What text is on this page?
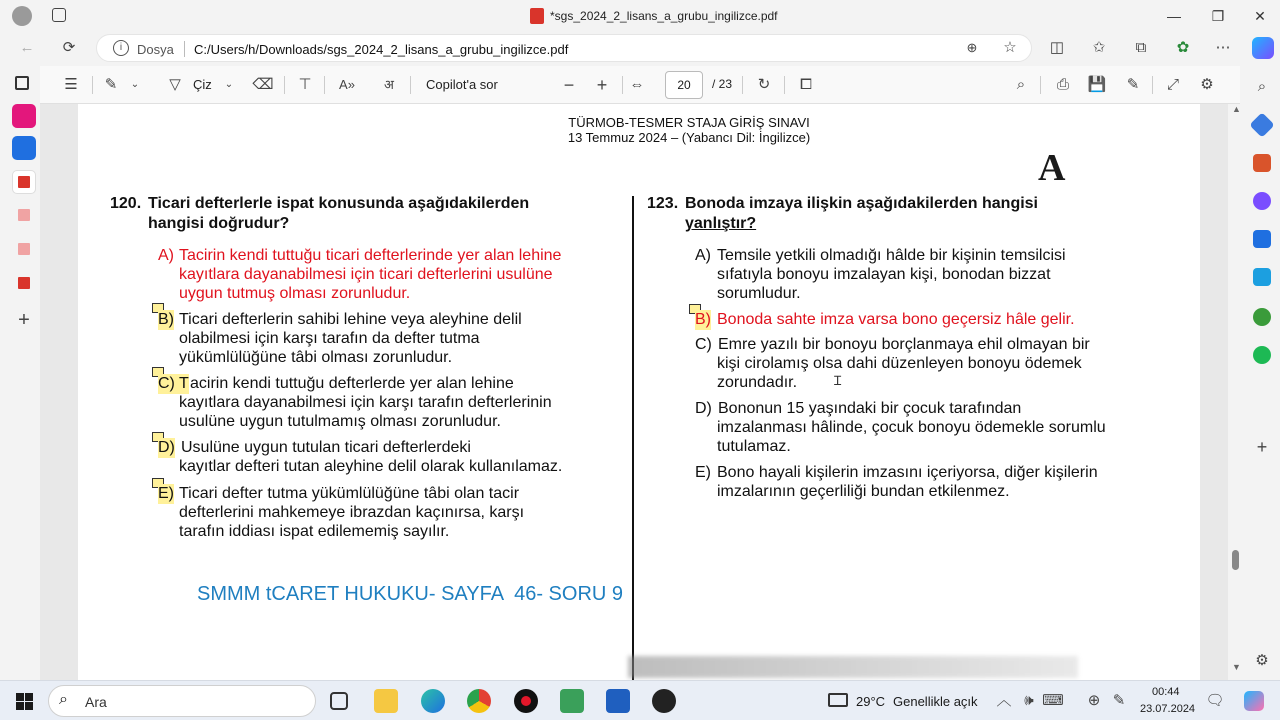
*sgs_2024_2_lisans_a_grubu_ingilizce.pdf	— ❐ ✕
←	⟳	i	Dosya C:/Users/h/Downloads/sgs_2024_2_lisans_a_grubu_ingilizce.pdf	⊕	☆ ◫	✩	⧉	✿	⋯
+
☰	✎	⌄	▽ Çiz	⌄	⌫ ⊤	A»	अ	Copilot'a sor	−	+	⇔	20	/ 23	↻	⧠	⌕	⎙	💾	✎	⤢	⚙	⌕
+
⚙
TÜRMOB-TESMER STAJA GİRİŞ SINAVI
13 Temmuz 2024 – (Yabancı Dil: İngilizce)
A
120. Ticari defterlerle ispat konusunda aşağıdakilerden
hangisi doğrudur?
A) Tacirin kendi tuttuğu ticari defterlerinde yer alan lehine
kayıtlara dayanabilmesi için ticari defterlerini usulüne
uygun tutmuş olması zorunludur.
B) Ticari defterlerin sahibi lehine veya aleyhine delil
olabilmesi için karşı tarafın da defter tutma
yükümlülüğüne tâbi olması zorunludur.
C) T acirin kendi tuttuğu defterlerde yer alan lehine
kayıtlara dayanabilmesi için karşı tarafın defterlerinin
usulüne uygun tutulmamış olması zorunludur.
D) Usulüne uygun tutulan ticari defterlerdeki
kayıtlar defteri tutan aleyhine delil olarak kullanılamaz.
E) Ticari defter tutma yükümlülüğüne tâbi olan tacir
defterlerini mahkemeye ibrazdan kaçınırsa, karşı
tarafın iddiası ispat edilememiş sayılır.
SMMM tCARET HUKUKU- SAYFA  46- SORU 9
123. Bonoda imzaya ilişkin aşağıdakilerden hangisi
yanlıştır?
A) Temsile yetkili olmadığı hâlde bir kişinin temsilcisi
sıfatıyla bonoyu imzalayan kişi, bonodan bizzat
sorumludur.
B) Bonoda sahte imza varsa bono geçersiz hâle gelir.
C) Emre yazılı bir bonoyu borçlanmaya ehil olmayan bir
kişi cirolamış olsa dahi düzenleyen bonoyu ödemek
zorundadır.	Ɪ
D) Bononun 15 yaşındaki bir çocuk tarafından
imzalanması hâlinde, çocuk bonoyu ödemekle sorumlu
tutulamaz.
E) Bono hayali kişilerin imzasını içeriyorsa, diğer kişilerin
imzalarının geçerliliği bundan etkilenmez.
▲
▼
⌕ Ara	29°C Genellikle açık ︿ 🕪 ⌨	⊕ ✎	00:44
23.07.2024 🗨
